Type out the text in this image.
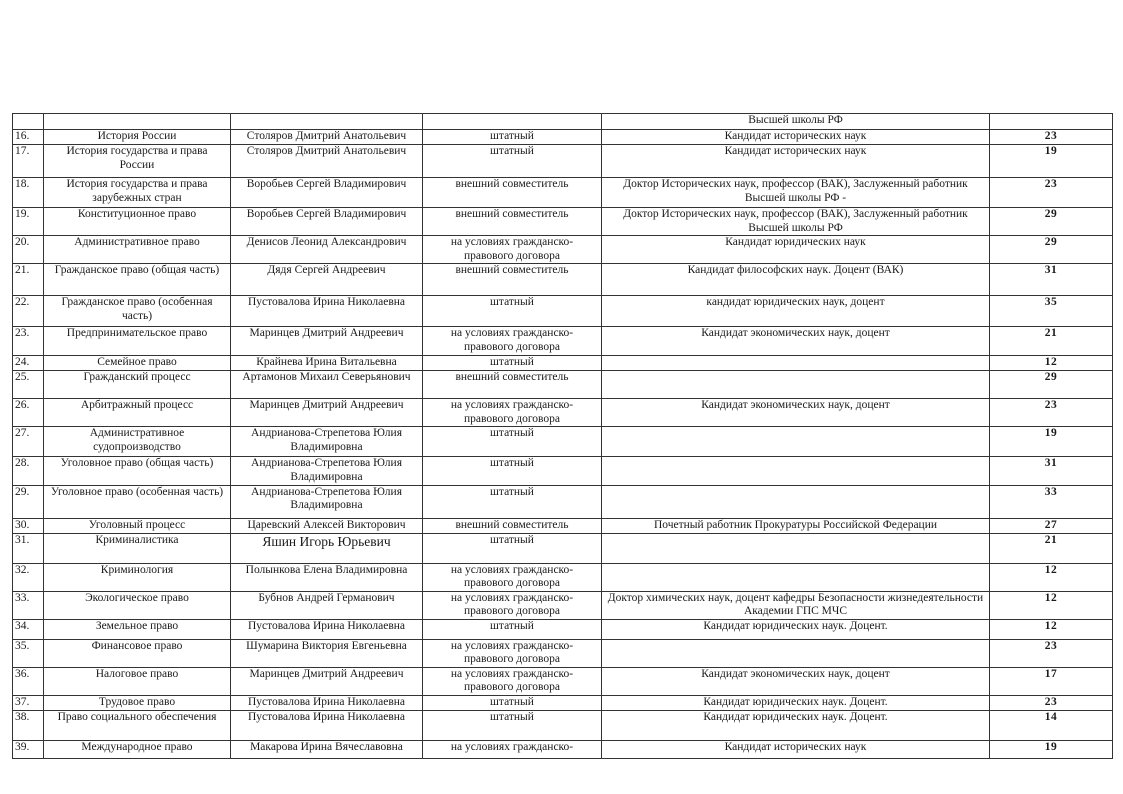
				Высшей школы РФ	
16.	История России	Столяров Дмитрий Анатольевич	штатный	Кандидат исторических наук	23
17.	История государства и права России	Столяров Дмитрий Анатольевич	штатный	Кандидат исторических наук	19
18.	История государства и права зарубежных стран	Воробьев Сергей Владимирович	внешний совместитель	Доктор Исторических наук, профессор (ВАК), Заслуженный работник Высшей школы РФ -	23
19.	Конституционное право	Воробьев Сергей Владимирович	внешний совместитель	Доктор Исторических наук, профессор (ВАК), Заслуженный работник Высшей школы РФ	29
20.	Административное право	Денисов Леонид Александрович	на условиях гражданско-правового договора	Кандидат юридических наук	29
21.	Гражданское право (общая часть)	Дядя Сергей Андреевич	внешний совместитель	Кандидат философских наук. Доцент (ВАК)	31
22.	Гражданское право (особенная часть)	Пустовалова Ирина Николаевна	штатный	кандидат юридических наук, доцент	35
23.	Предпринимательское право	Маринцев Дмитрий Андреевич	на условиях гражданско-правового договора	Кандидат экономических наук, доцент	21
24.	Семейное право	Крайнева Ирина Витальевна	штатный		12
25.	Гражданский процесс	Артамонов Михаил Северьянович	внешний совместитель		29
26.	Арбитражный процесс	Маринцев Дмитрий Андреевич	на условиях гражданско-правового договора	Кандидат экономических наук, доцент	23
27.	Административное судопроизводство	Андрианова-Стрепетова Юлия Владимировна	штатный		19
28.	Уголовное право (общая часть)	Андрианова-Стрепетова Юлия Владимировна	штатный		31
29.	Уголовное право (особенная часть)	Андрианова-Стрепетова Юлия Владимировна	штатный		33
30.	Уголовный процесс	Царевский Алексей Викторович	внешний совместитель	Почетный работник Прокуратуры Российской Федерации	27
31.	Криминалистика	Яшин Игорь Юрьевич	штатный		21
32.	Криминология	Полынкова Елена Владимировна	на условиях гражданско-правового договора		12
33.	Экологическое право	Бубнов Андрей Германович	на условиях гражданско-правового договора	Доктор химических наук, доцент кафедры Безопасности жизнедеятельности Академии ГПС МЧС	12
34.	Земельное право	Пустовалова Ирина Николаевна	штатный	Кандидат юридических наук. Доцент.	12
35.	Финансовое право	Шумарина Виктория Евгеньевна	на условиях гражданско-правового договора		23
36.	Налоговое право	Маринцев Дмитрий Андреевич	на условиях гражданско-правового договора	Кандидат экономических наук, доцент	17
37.	Трудовое право	Пустовалова Ирина Николаевна	штатный	Кандидат юридических наук. Доцент.	23
38.	Право социального обеспечения	Пустовалова Ирина Николаевна	штатный	Кандидат юридических наук. Доцент.	14
39.	Международное право	Макарова Ирина Вячеславовна	на условиях гражданско-	Кандидат исторических наук	19
